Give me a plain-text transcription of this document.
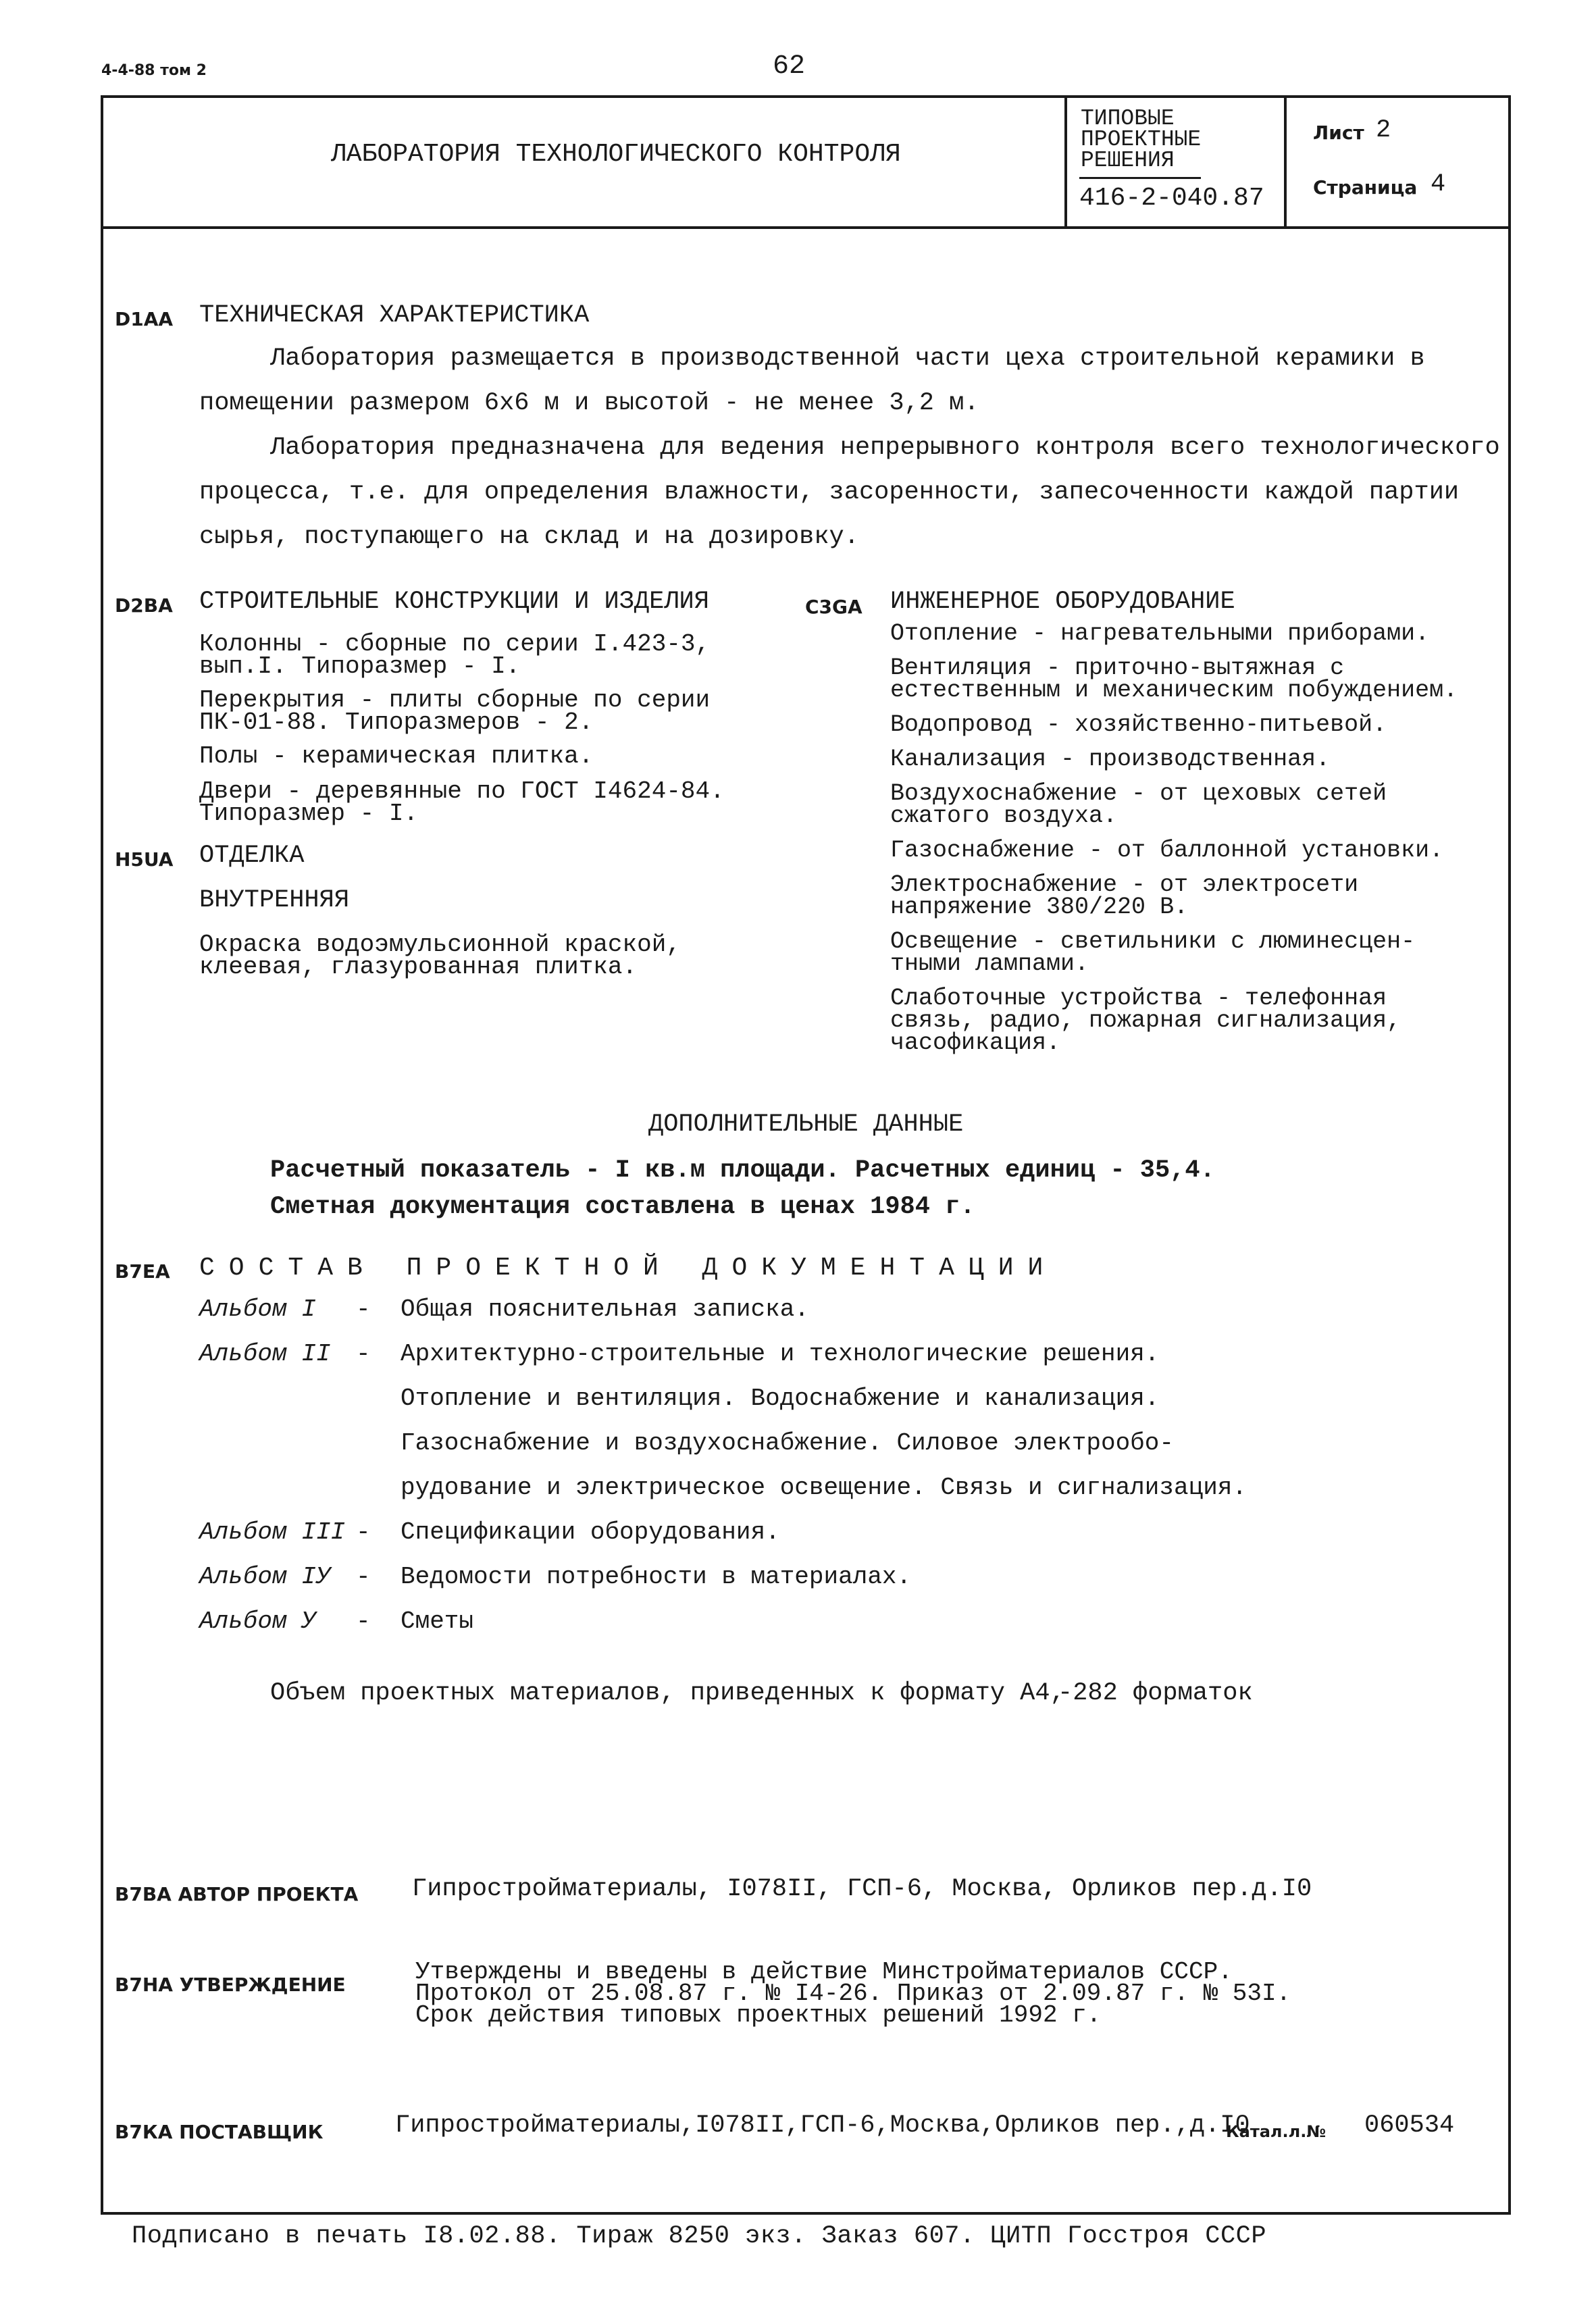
4-4-88 том 2	62
ЛАБОРАТОРИЯ ТЕХНОЛОГИЧЕСКОГО КОНТРОЛЯ
ТИПОВЫЕ
ПРОЕКТНЫЕ
РЕШЕНИЯ
416-2-040.87
Лист 2
Страница 4
D1AA ТЕХНИЧЕСКАЯ ХАРАКТЕРИСТИКА
Лаборатория размещается в производственной части цеха строительной керамики в
помещении размером 6х6 м и высотой - не менее 3,2 м.
Лаборатория предназначена для ведения непрерывного контроля всего технологического
процесса, т.е. для определения влажности, засоренности, запесоченности каждой партии
сырья, поступающего на склад и на дозировку.
D2BA СТРОИТЕЛЬНЫЕ КОНСТРУКЦИИ И ИЗДЕЛИЯ
Колонны - сборные по серии I.423-3,
вып.I. Типоразмер - I.
Перекрытия - плиты сборные по серии
ПК-01-88. Типоразмеров - 2.
Полы - керамическая плитка.
Двери - деревянные по ГОСТ I4624-84.
Типоразмер - I.
H5UA ОТДЕЛКА
ВНУТРЕННЯЯ
Окраска водоэмульсионной краской,
клеевая, глазурованная плитка.
C3GA ИНЖЕНЕРНОЕ ОБОРУДОВАНИЕ
Отопление - нагревательными приборами.
Вентиляция - приточно-вытяжная с
естественным и механическим побуждением.
Водопровод - хозяйственно-питьевой.
Канализация - производственная.
Воздухоснабжение - от цеховых сетей
сжатого воздуха.
Газоснабжение - от баллонной установки.
Электроснабжение - от электросети
напряжение 380/220 В.
Освещение - светильники с люминесцен-
тными лампами.
Слаботочные устройства - телефонная
связь, радио, пожарная сигнализация,
часофикация.
ДОПОЛНИТЕЛЬНЫЕ ДАННЫЕ
Расчетный показатель - I кв.м площади. Расчетных единиц - 35,4.
Сметная документация составлена в ценах 1984 г.
B7EA СОСТАВ ПРОЕКТНОЙ ДОКУМЕНТАЦИИ
Альбом I - Общая пояснительная записка.
Альбом II - Архитектурно-строительные и технологические решения.
Отопление и вентиляция. Водоснабжение и канализация.
Газоснабжение и воздухоснабжение. Силовое электрообо-
рудование и электрическое освещение. Связь и сигнализация.
Альбом III - Спецификации оборудования.
Альбом IУ - Ведомости потребности в материалах.
Альбом У - Сметы
Объем проектных материалов, приведенных к формату А4,
-282 форматок
В7ВА АВТОР ПРОЕКТА Гипростройматериалы, I078II, ГСП-6, Москва, Орликов пер.д.I0
В7НА УТВЕРЖДЕНИЕ	Утверждены и введены в действие Минстройматериалов СССР.
Протокол от 25.08.87 г. № I4-26. Приказ от 2.09.87 г. № 53I.
Срок действия типовых проектных решений 1992 г.
В7КА ПОСТАВЩИК	Гипростройматериалы,I078II,ГСП-6,Москва,Орликов пер.,д.I0
Катал.л.№ 060534
Подписано в печать I8.02.88. Тираж 8250 экз. Заказ 607. ЦИТП Госстроя СССР
